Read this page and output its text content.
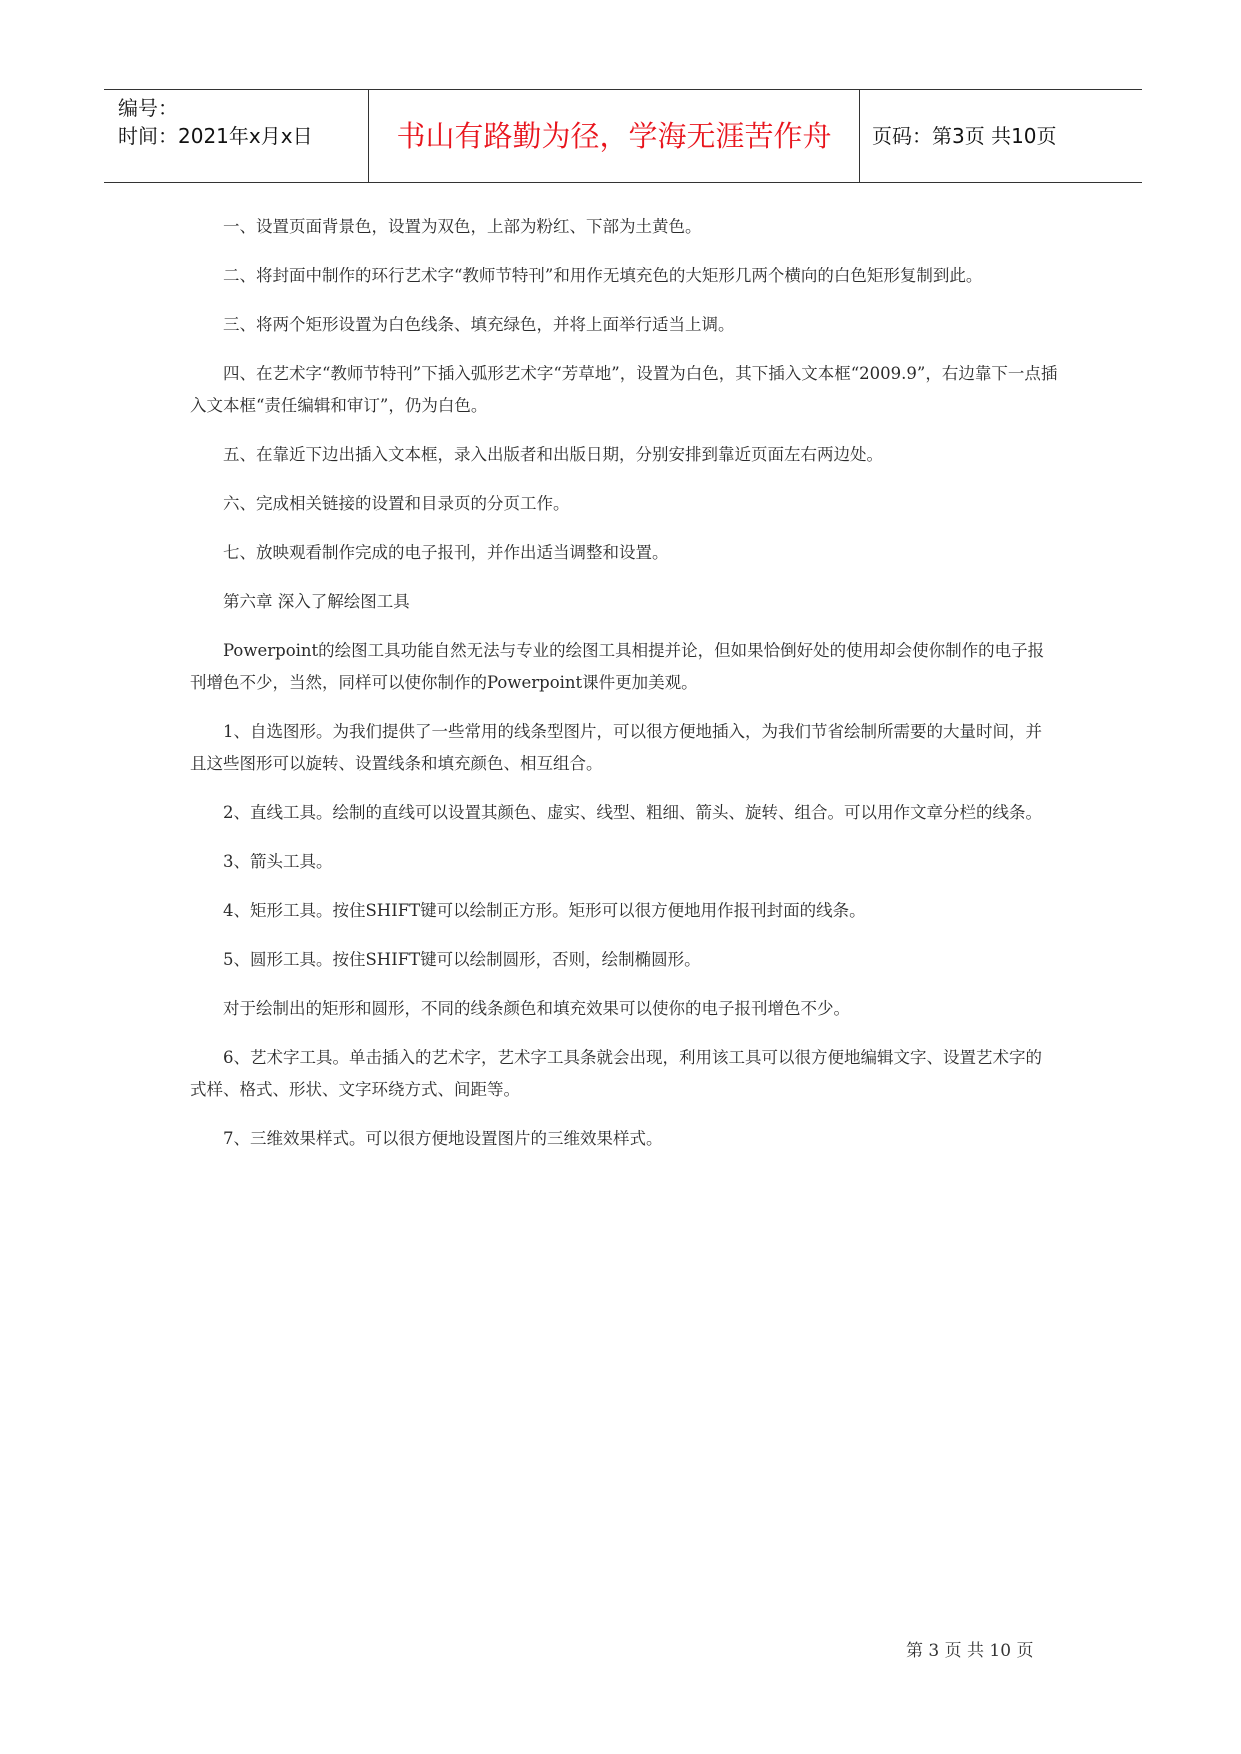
编号：
时间：2021年x月x日	书山有路勤为径，学海无涯苦作舟	页码：第3页 共10页

一、设置页面背景色，设置为双色，上部为粉红、下部为土黄色。

二、将封面中制作的环行艺术字“教师节特刊”和用作无填充色的大矩形几两个横向的白色矩形复制到此。

三、将两个矩形设置为白色线条、填充绿色，并将上面举行适当上调。

四、在艺术字“教师节特刊”下插入弧形艺术字“芳草地”，设置为白色，其下插入文本框“2009.9”，右边靠下一点插入文本框“责任编辑和审订”，仍为白色。

五、在靠近下边出插入文本框，录入出版者和出版日期，分别安排到靠近页面左右两边处。

六、完成相关链接的设置和目录页的分页工作。

七、放映观看制作完成的电子报刊，并作出适当调整和设置。

第六章 深入了解绘图工具

Powerpoint的绘图工具功能自然无法与专业的绘图工具相提并论，但如果恰倒好处的使用却会使你制作的电子报刊增色不少，当然，同样可以使你制作的Powerpoint课件更加美观。

1、自选图形。为我们提供了一些常用的线条型图片，可以很方便地插入，为我们节省绘制所需要的大量时间，并且这些图形可以旋转、设置线条和填充颜色、相互组合。

2、直线工具。绘制的直线可以设置其颜色、虚实、线型、粗细、箭头、旋转、组合。可以用作文章分栏的线条。

3、箭头工具。

4、矩形工具。按住SHIFT键可以绘制正方形。矩形可以很方便地用作报刊封面的线条。

5、圆形工具。按住SHIFT键可以绘制圆形，否则，绘制椭圆形。

对于绘制出的矩形和圆形，不同的线条颜色和填充效果可以使你的电子报刊增色不少。

6、艺术字工具。单击插入的艺术字，艺术字工具条就会出现，利用该工具可以很方便地编辑文字、设置艺术字的式样、格式、形状、文字环绕方式、间距等。

7、三维效果样式。可以很方便地设置图片的三维效果样式。

第 3 页 共 10 页
